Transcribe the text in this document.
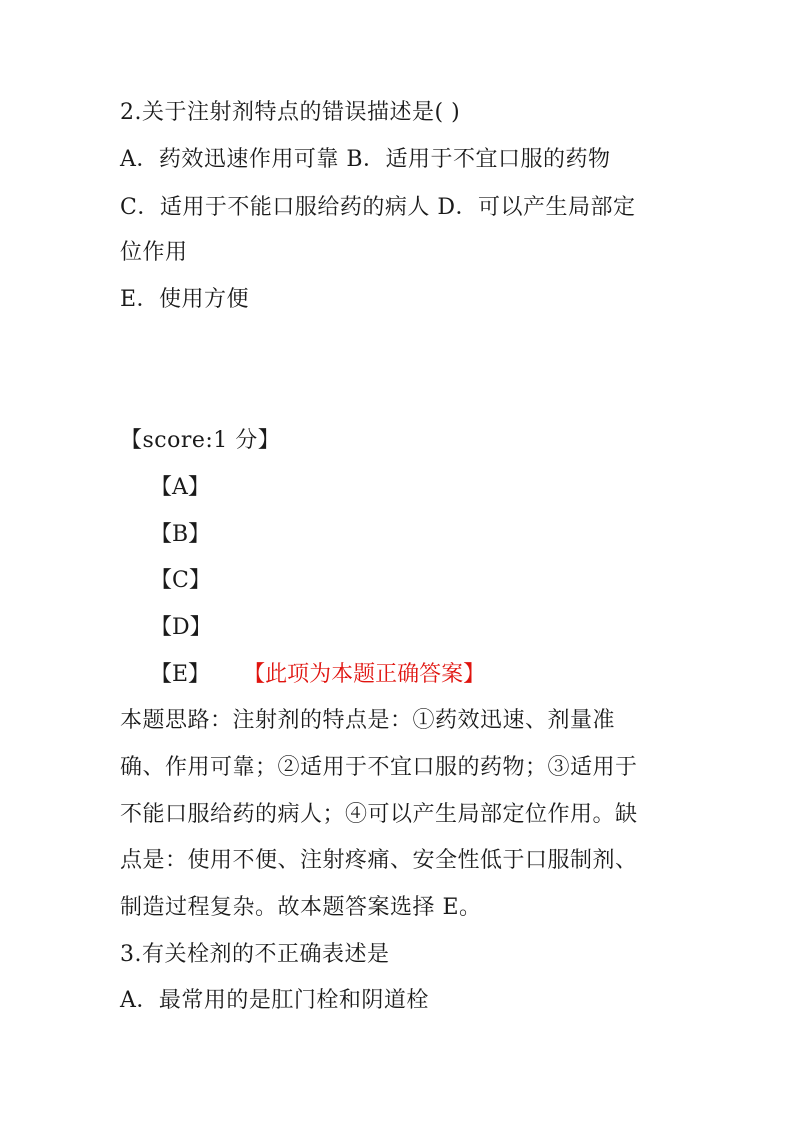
2.关于注射剂特点的错误描述是( )
A．药效迅速作用可靠 B．适用于不宜口服的药物
C．适用于不能口服给药的病人 D．可以产生局部定
位作用
E．使用方便
【score:1 分】
【A】
【B】
【C】
【D】
【E】 【此项为本题正确答案】
本题思路：注射剂的特点是：①药效迅速、剂量准
确、作用可靠；②适用于不宜口服的药物；③适用于
不能口服给药的病人；④可以产生局部定位作用。缺
点是：使用不便、注射疼痛、安全性低于口服制剂、
制造过程复杂。故本题答案选择 E。
3.有关栓剂的不正确表述是
A．最常用的是肛门栓和阴道栓
